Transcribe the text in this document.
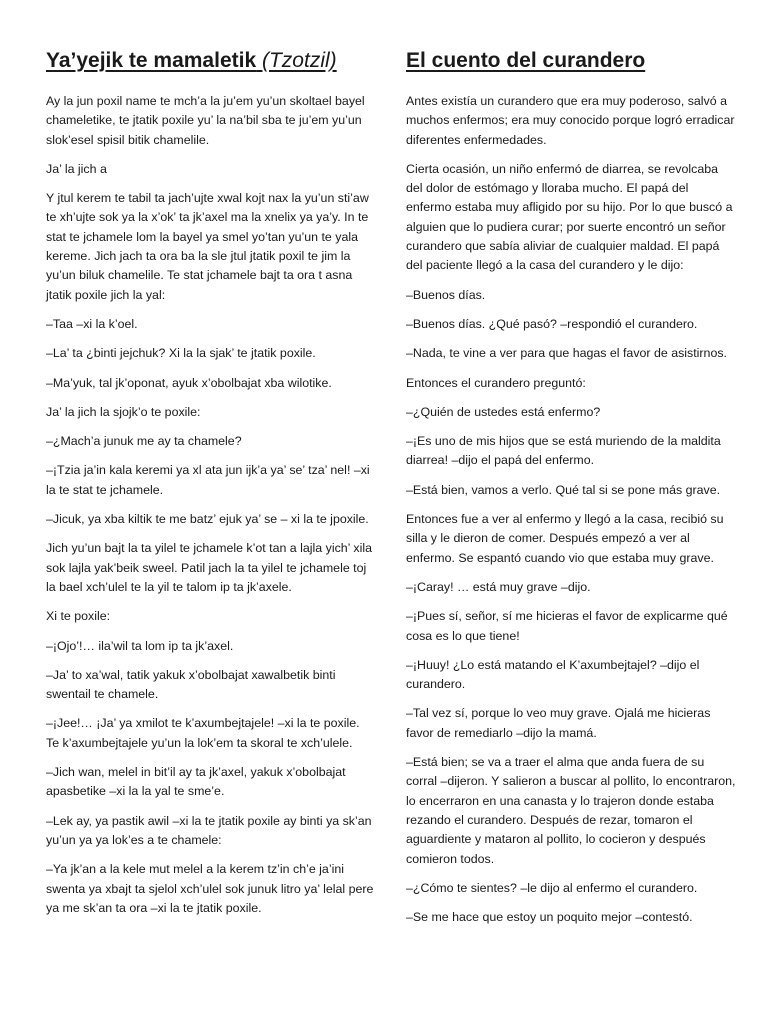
Ya’yejik te mamaletik (Tzotzil)

Ay la jun poxil name te mch’a la ju’em yu’un skoltael bayel chameletike, te jtatik poxile yu’ la na’bil sba te ju’em yu’un slok’esel spisil bitik chamelile.

Ja’ la jich a

Y jtul kerem te tabil ta jach’ujte xwal kojt nax la yu’un sti’aw te xh’ujte sok ya la x’ok’ ta jk’axel ma la xnelix ya ya’y. In te stat te jchamele lom la bayel ya smel yo’tan yu’un te yala kereme. Jich jach ta ora ba la sle jtul jtatik poxil te jim la yu’un biluk chamelile. Te stat jchamele bajt ta ora t asna jtatik poxile jich la yal:

–Taa –xi la k’oel.

–La’ ta ¿binti jejchuk? Xi la la sjak’ te jtatik poxile.

–Ma’yuk, tal jk’oponat, ayuk x’obolbajat xba wilotike.

Ja’ la jich la sjojk’o te poxile:

–¿Mach’a junuk me ay ta chamele?

–¡Tzia ja’in kala keremi ya xl ata jun ijk’a ya’ se’ tza’ nel! –xi la te stat te jchamele.

–Jicuk, ya xba kiltik te me batz’ ejuk ya’ se – xi la te jpoxile.

Jich yu’un bajt la ta yilel te jchamele k’ot tan a lajla yich’ xila sok lajla yak’beik sweel. Patil jach la ta yilel te jchamele toj la bael xch’ulel te la yil te talom ip ta jk’axele.

Xi te poxile:

–¡Ojo’!… ila’wil ta lom ip ta jk’axel.

–Ja’ to xa’wal, tatik yakuk x’obolbajat xawalbetik binti swentail te chamele.

–¡Jee!… ¡Ja’ ya xmilot te k’axumbejtajele! –xi la te poxile. Te k’axumbejtajele yu’un la lok’em ta skoral te xch’ulele.

–Jich wan, melel in bit’il ay ta jk’axel, yakuk x’obolbajat apasbetike –xi la la yal te sme’e.

–Lek ay, ya pastik awil –xi la te jtatik poxile ay binti ya sk’an yu’un ya ya lok’es a te chamele:

–Ya jk’an a la kele mut melel a la kerem tz’in ch’e ja’ini swenta ya xbajt ta sjelol xch’ulel sok junuk litro ya’ lelal pere ya me sk’an ta ora –xi la te jtatik poxile.

El cuento del curandero

Antes existía un curandero que era muy poderoso, salvó a muchos enfermos; era muy conocido porque logró erradicar diferentes enfermedades.

Cierta ocasión, un niño enfermó de diarrea, se revolcaba del dolor de estómago y lloraba mucho. El papá del enfermo estaba muy afligido por su hijo. Por lo que buscó a alguien que lo pudiera curar; por suerte encontró un señor curandero que sabía aliviar de cualquier maldad. El papá del paciente llegó a la casa del curandero y le dijo:

–Buenos días.

–Buenos días. ¿Qué pasó? –respondió el curandero.

–Nada, te vine a ver para que hagas el favor de asistirnos.

Entonces el curandero preguntó:

–¿Quién de ustedes está enfermo?

–¡Es uno de mis hijos que se está muriendo de la maldita diarrea! –dijo el papá del enfermo.

–Está bien, vamos a verlo. Qué tal si se pone más grave.

Entonces fue a ver al enfermo y llegó a la casa, recibió su silla y le dieron de comer. Después empezó a ver al enfermo. Se espantó cuando vio que estaba muy grave.

–¡Caray! … está muy grave –dijo.

–¡Pues sí, señor, sí me hicieras el favor de explicarme qué cosa es lo que tiene!

–¡Huuy! ¿Lo está matando el K’axumbejtajel? –dijo el curandero.

–Tal vez sí, porque lo veo muy grave. Ojalá me hicieras favor de remediarlo –dijo la mamá.

–Está bien; se va a traer el alma que anda fuera de su corral –dijeron. Y salieron a buscar al pollito, lo encontraron, lo encerraron en una canasta y lo trajeron donde estaba rezando el curandero. Después de rezar, tomaron el aguardiente y mataron al pollito, lo cocieron y después comieron todos.

–¿Cómo te sientes? –le dijo al enfermo el curandero.

–Se me hace que estoy un poquito mejor –contestó.
